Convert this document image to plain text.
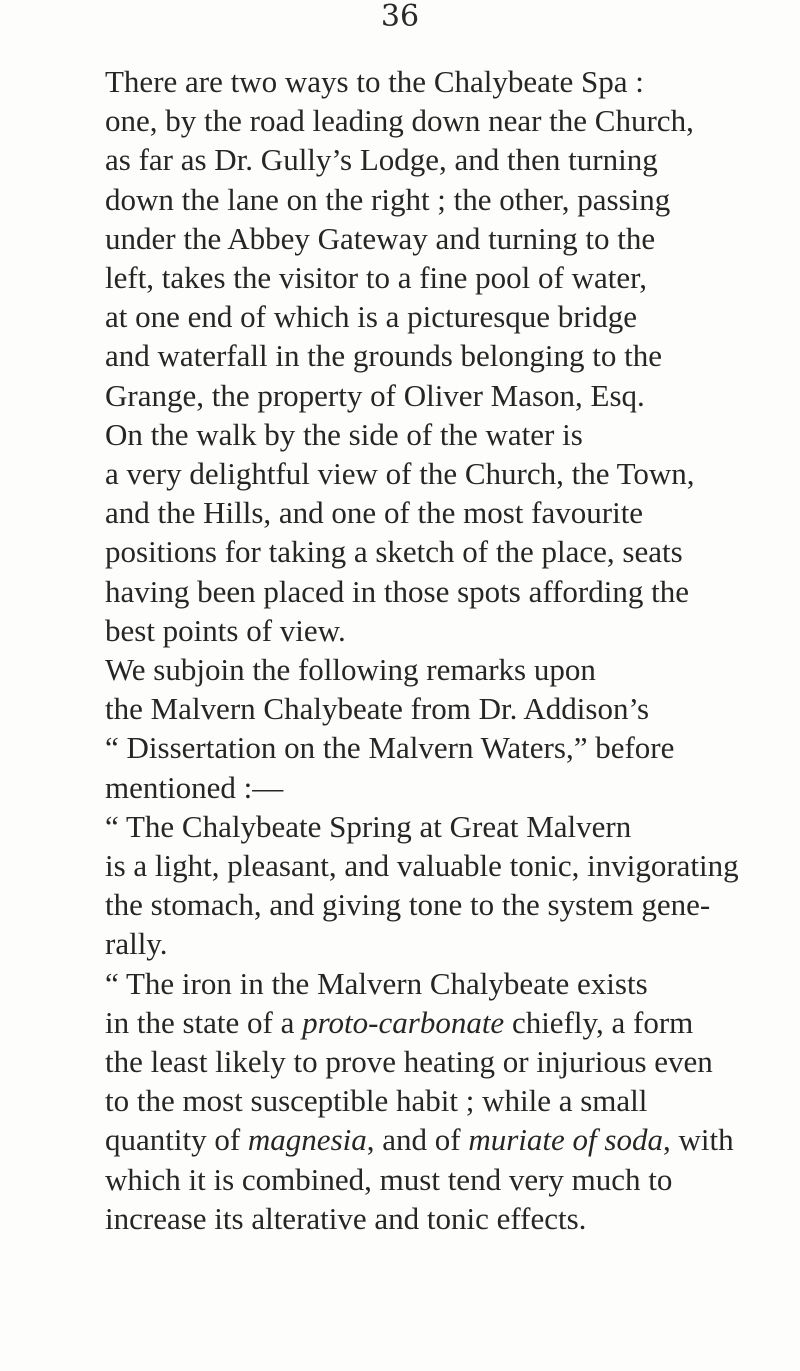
36

There are two ways to the Chalybeate Spa :
one, by the road leading down near the Church,
as far as Dr. Gully’s Lodge, and then turning
down the lane on the right ; the other, passing
under the Abbey Gateway and turning to the
left, takes the visitor to a fine pool of water,
at one end of which is a picturesque bridge
and waterfall in the grounds belonging to the
Grange, the property of Oliver Mason, Esq.

On the walk by the side of the water is
a very delightful view of the Church, the Town,
and the Hills, and one of the most favourite
positions for taking a sketch of the place, seats
having been placed in those spots affording the
best points of view.

We subjoin the following remarks upon
the Malvern Chalybeate from Dr. Addison’s
“ Dissertation on the Malvern Waters,” before
mentioned :—

“ The Chalybeate Spring at Great Malvern
is a light, pleasant, and valuable tonic, invigorating
the stomach, and giving tone to the system gene-
rally.

“ The iron in the Malvern Chalybeate exists
in the state of a proto-carbonate chiefly, a form
the least likely to prove heating or injurious even
to the most susceptible habit ; while a small
quantity of magnesia, and of muriate of soda, with
which it is combined, must tend very much to
increase its alterative and tonic effects.
